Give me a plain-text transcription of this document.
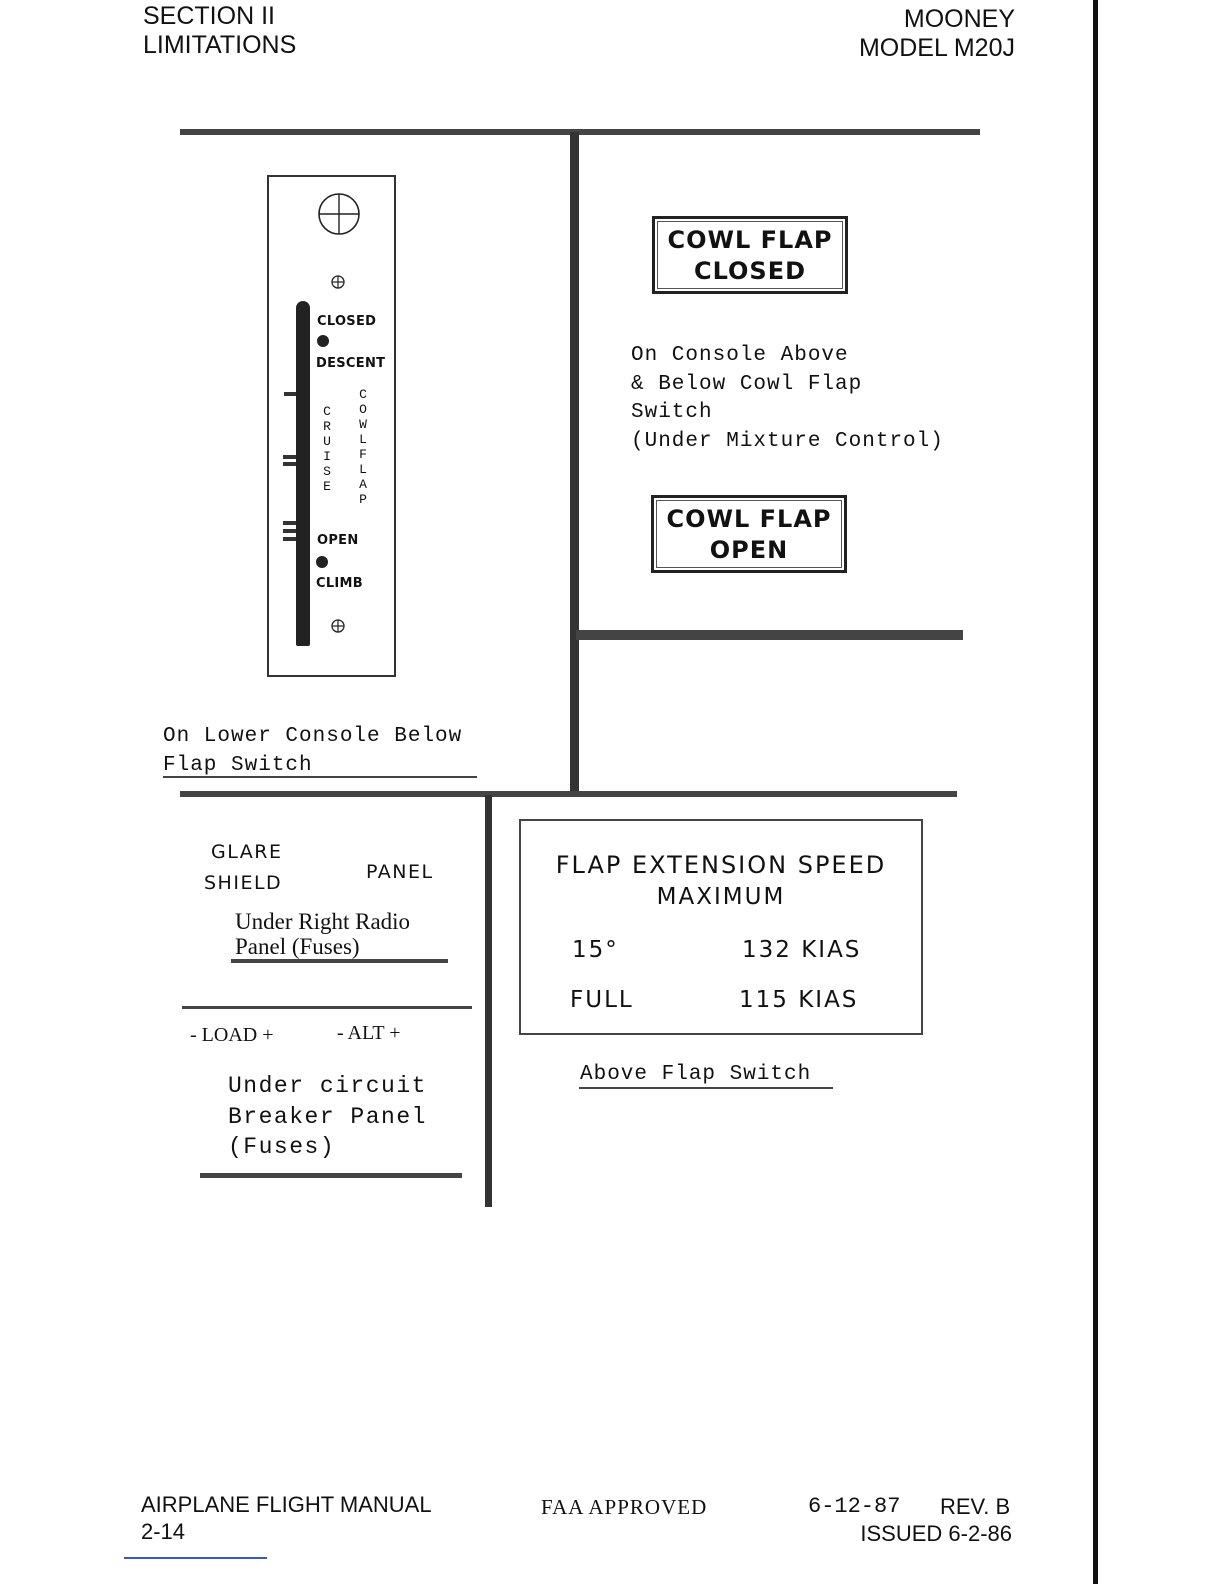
SECTION II
LIMITATIONS
MOONEY
MODEL M20J
CLOSED
DESCENT
CRUISE
COWL FLAP
OPEN
CLIMB
On Lower Console Below
Flap Switch
COWL FLAP
CLOSED
On Console Above
& Below Cowl Flap
Switch
(Under Mixture Control)
COWL FLAP
OPEN
GLARE
SHIELD	PANEL
Under Right Radio
Panel (Fuses)
- LOAD +	- ALT +
Under circuit
Breaker Panel
(Fuses)
FLAP EXTENSION SPEED
MAXIMUM
15°	132 KIAS
FULL	115 KIAS
Above Flap Switch
AIRPLANE FLIGHT MANUAL
2-14
FAA APPROVED	6-12-87 REV. B
ISSUED 6-2-86
